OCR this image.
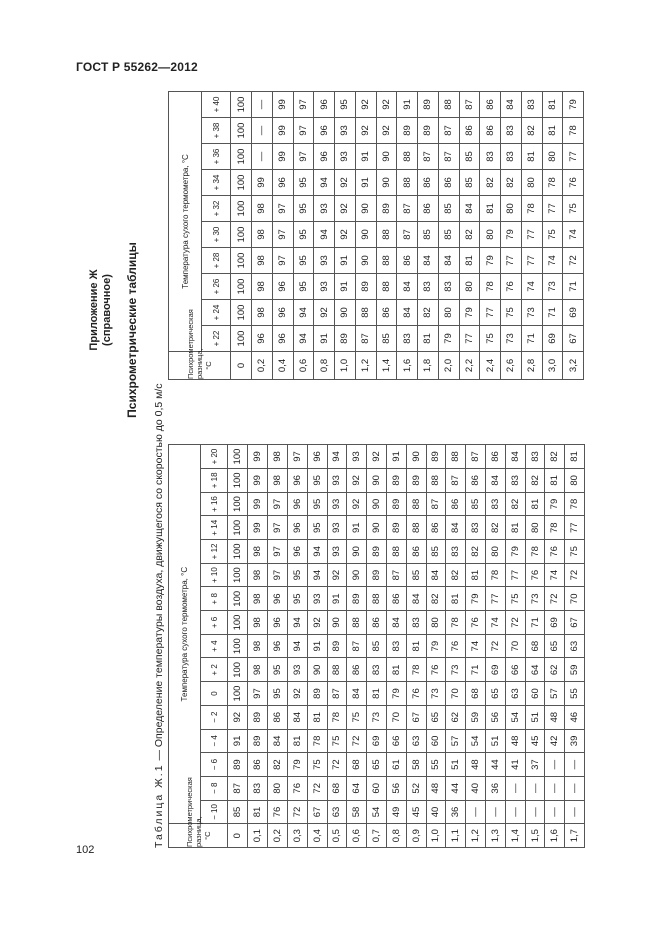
ГОСТ Р 55262—2012
Приложение Ж (справочное) Психрометрические таблицы
Таблица Ж.1 — Определение температуры воздуха, движущегося со скоростью до 0,5 м/с
Психрометрическая разница, °С	Температура сухого термометра, °С															
	− 10	− 8	− 6	− 4	− 2	0	+ 2	+ 4	+ 6	+ 8	+ 10	+ 12	+ 14	+ 16	+ 18	+ 20
0	85	87	89	91	92	100	100	100	100	100	100	100	100	100	100	100
0,1	81	83	86	89	89	97	98	98	98	98	98	98	99	99	99	99
0,2	76	80	82	84	86	95	95	96	96	96	97	97	97	97	98	98
0,3	72	76	79	81	84	92	93	94	94	95	95	96	96	96	96	97
0,4	67	72	75	78	81	89	90	91	92	93	94	94	95	95	95	96
0,5	63	68	72	75	78	87	88	89	90	91	92	93	93	93	93	94
0,6	58	64	68	72	75	84	86	87	88	89	90	90	91	92	92	93
0,7	54	60	65	69	73	81	83	85	86	88	89	89	90	90	90	92
0,8	49	56	61	66	70	79	81	83	84	86	87	88	89	89	89	91
0,9	45	52	58	63	67	76	78	81	83	84	85	86	88	88	89	90
1,0	40	48	55	60	65	73	76	79	80	82	84	85	86	87	88	89
1,1	36	44	51	57	62	70	73	76	78	81	82	83	84	86	87	88
1,2	—	40	48	54	59	68	71	74	76	79	81	82	83	85	86	87
1,3	—	36	44	51	56	65	69	72	74	77	78	80	82	83	84	86
1,4	—	—	41	48	54	63	66	70	72	75	77	79	81	82	83	84
1,5	—	—	37	45	51	60	64	68	71	73	76	78	80	81	82	83
1,6	—	—	—	42	48	57	62	65	69	72	74	76	78	79	81	82
1,7	—	—	—	39	46	55	59	63	67	70	72	75	77	78	80	81
Психрометрическая разница, °С	Температура сухого термометра, °С									
	+ 22	+ 24	+ 26	+ 28	+ 30	+ 32	+ 34	+ 36	+ 38	+ 40
0	100	100	100	100	100	100	100	100	100	100
0,2	96	98	98	98	98	98	99	—	—	—
0,4	96	96	96	97	97	97	96	99	99	99
0,6	94	94	95	95	95	95	95	97	97	97
0,8	91	92	93	93	94	93	94	96	96	96
1,0	89	90	91	91	92	92	92	93	93	95
1,2	87	88	89	90	90	90	91	91	92	92
1,4	85	86	88	88	88	89	90	90	92	92
1,6	83	84	84	86	87	87	88	88	89	91
1,8	81	82	83	84	85	86	86	87	89	89
2,0	79	80	83	84	85	85	86	87	87	88
2,2	77	79	80	81	82	84	85	85	86	87
2,4	75	77	78	79	80	81	82	83	86	86
2,6	73	75	76	77	79	80	82	83	83	84
2,8	71	73	74	77	77	78	80	81	82	83
3,0	69	71	73	74	75	77	78	80	81	81
3,2	67	69	71	72	74	75	76	77	78	79
102
